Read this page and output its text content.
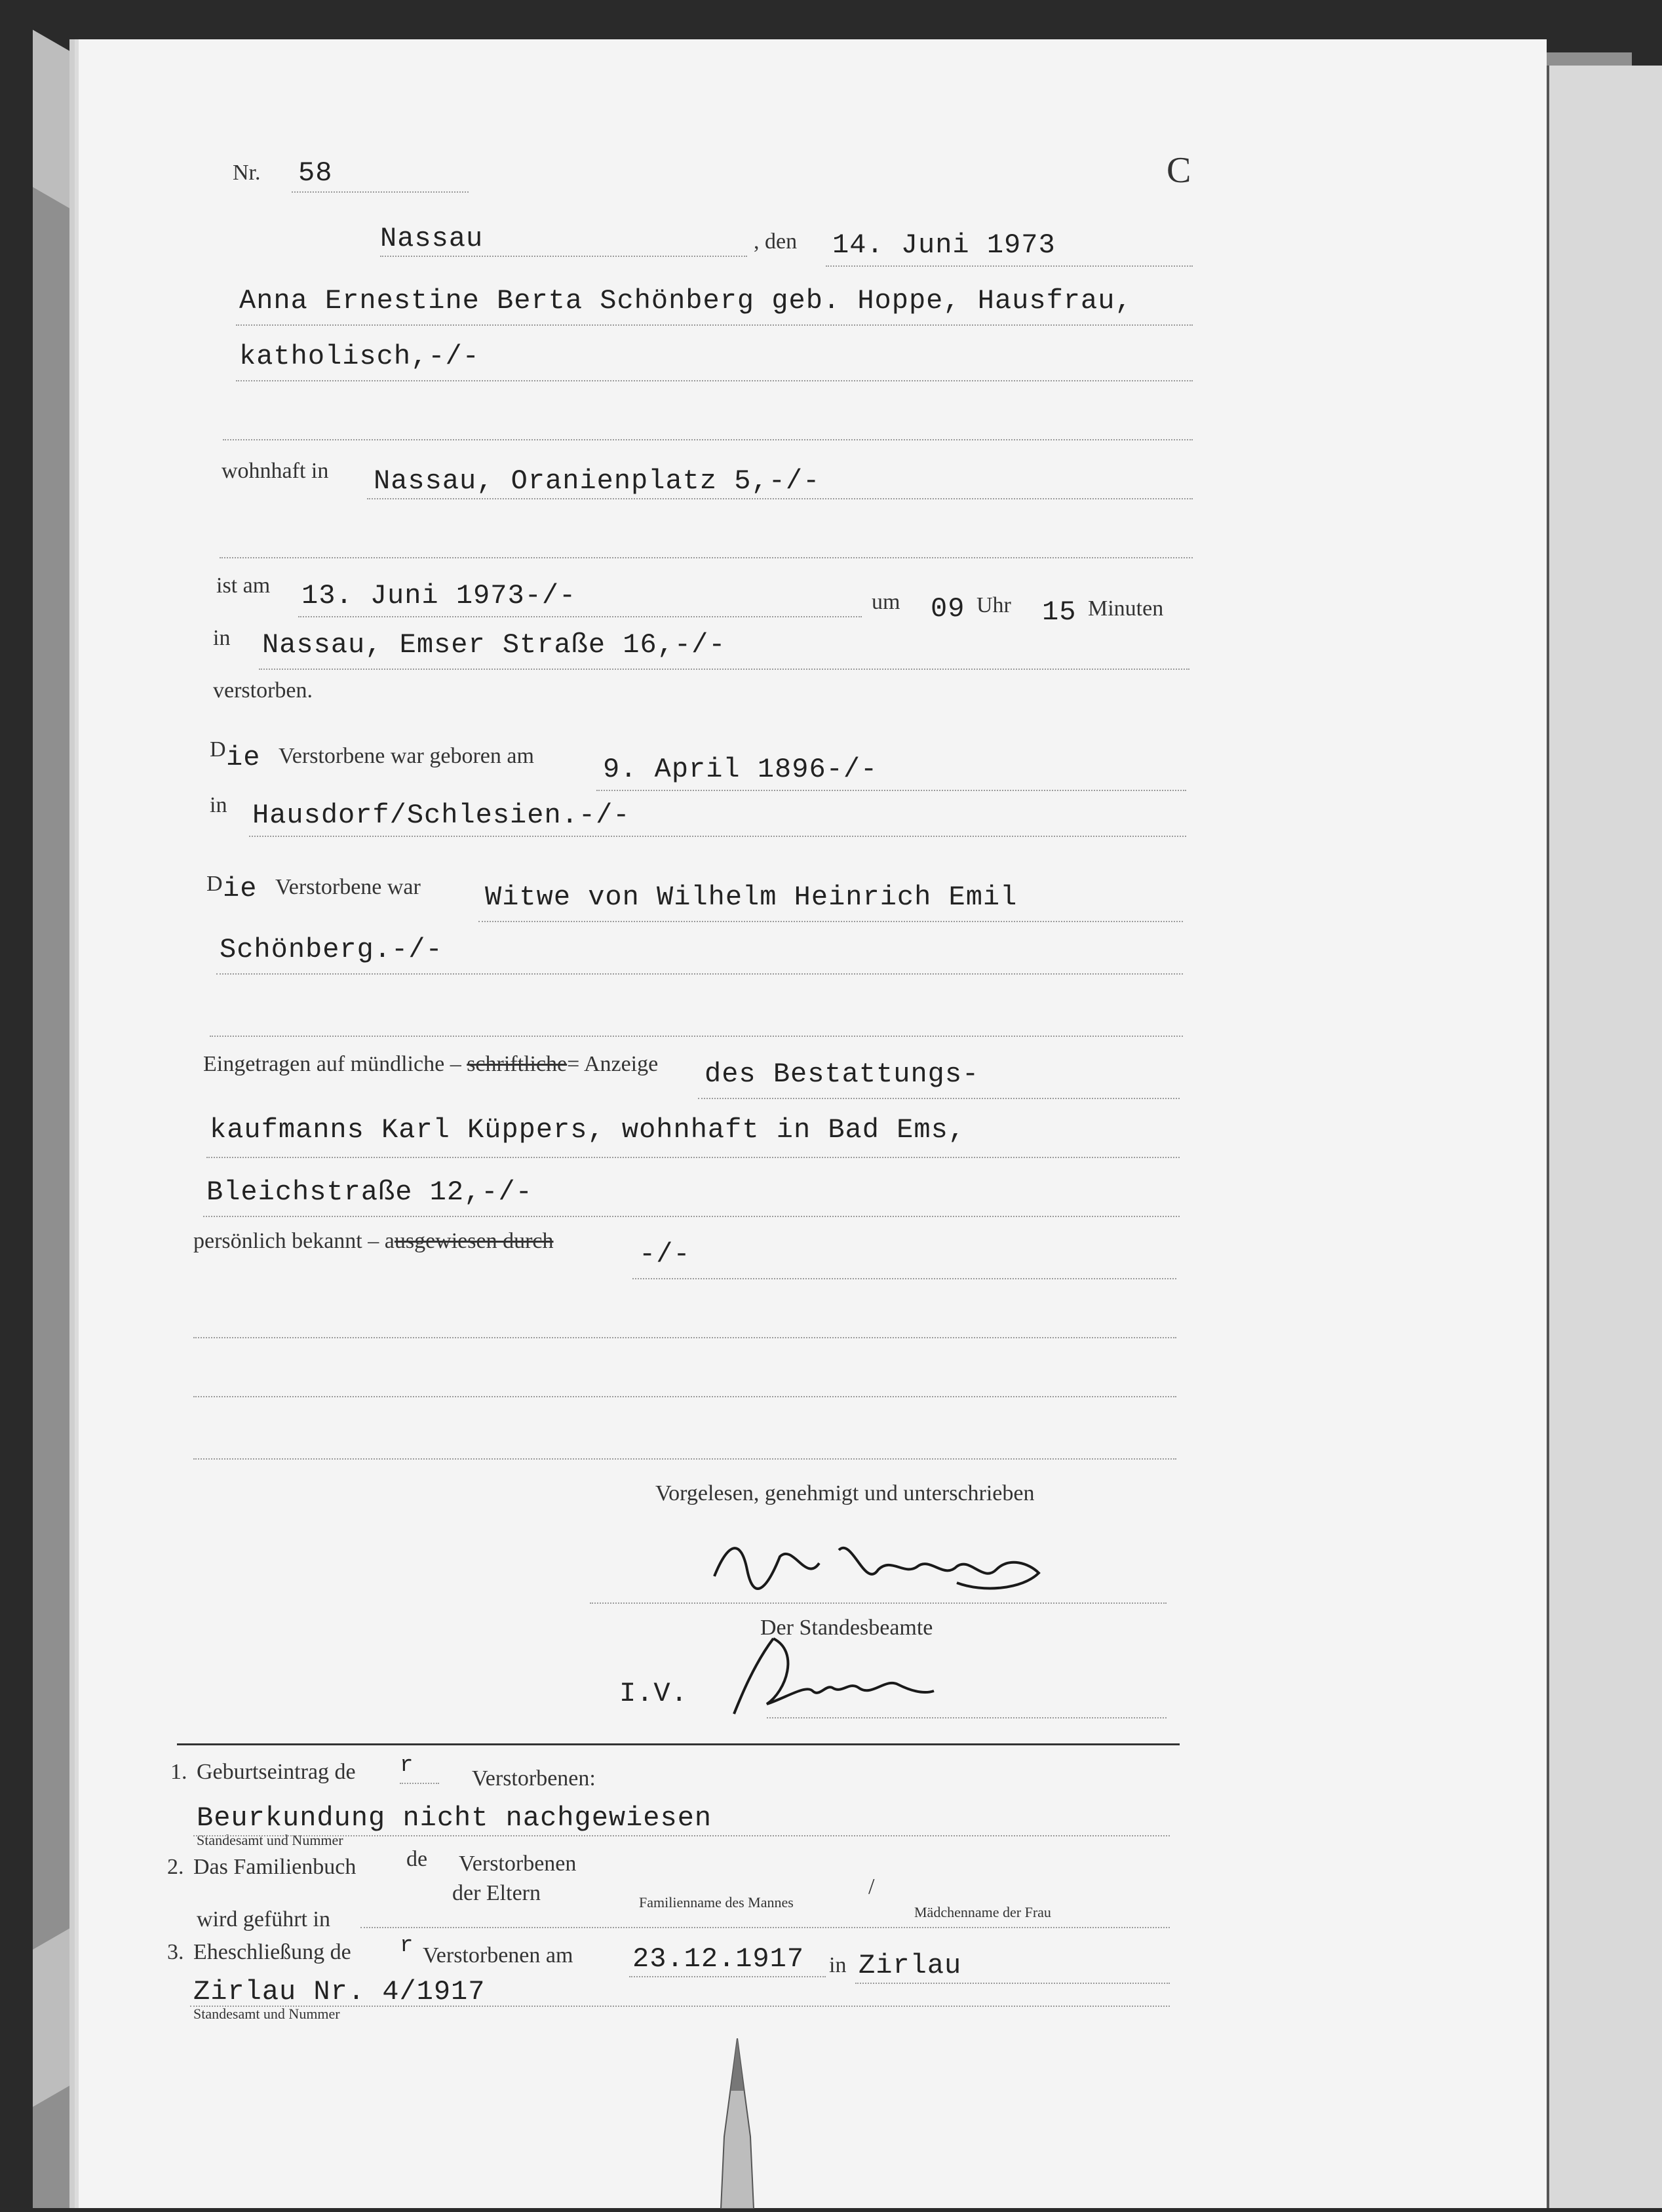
Nr. 58	C
Nassau	, den 14. Juni 1973
Anna Ernestine Berta Schönberg geb. Hoppe, Hausfrau,
katholisch,-/-
wohnhaft in Nassau, Oranienplatz 5,-/-
ist am 13. Juni 1973-/-	um 09 Uhr 15 Minuten
in Nassau, Emser Straße 16,-/-
verstorben.
D ie Verstorbene war geboren am	9. April 1896-/-
in Hausdorf/Schlesien.-/-
D ie Verstorbene war Witwe von Wilhelm Heinrich Emil
Schönberg.-/-
Eingetragen auf mündliche – schriftliche= Anzeige des Bestattungs-
kaufmanns Karl Küppers, wohnhaft in Bad Ems,
Bleichstraße 12,-/-
persönlich bekannt – ausgewiesen durch	-/-
Vorgelesen, genehmigt und unterschrieben
Der Standesbeamte
I.V.
1. Geburtseintrag de r
Verstorbenen:
Beurkundung nicht nachgewiesen
Standesamt und Nummer
2. Das Familienbuch de Verstorbenen
der Eltern	Familienname des Mannes
/
Mädchenname der Frau
wird geführt in
3. Eheschließung de r Verstorbenen am 23.12.1917 in Zirlau
Zirlau Nr. 4/1917
Standesamt und Nummer
